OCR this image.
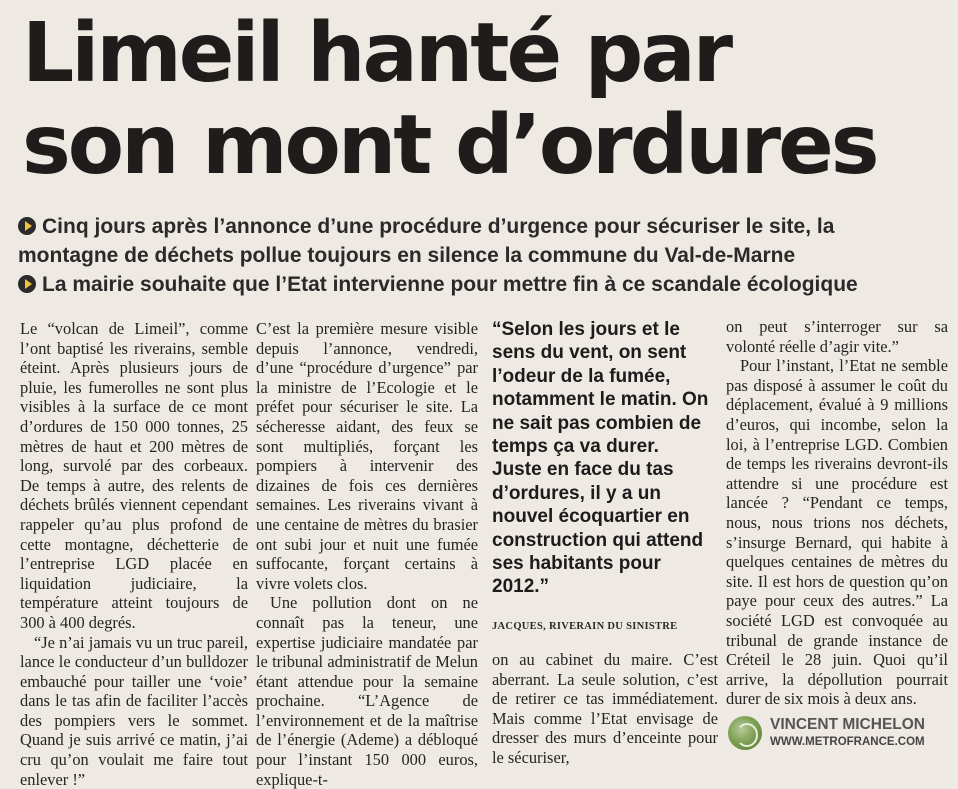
Limeil hanté par
son mont d’ordures
Cinq jours après l’annonce d’une procédure d’urgence pour sécuriser le site, la
montagne de déchets pollue toujours en silence la commune du Val-de-Marne
La mairie souhaite que l’Etat intervienne pour mettre fin à ce scandale écologique

Le “volcan de Limeil”, comme l’ont baptisé les riverains, semble éteint. Après plusieurs jours de pluie, les fumerolles ne sont plus visibles à la surface de ce mont d’ordures de 150 000 tonnes, 25 mètres de haut et 200 mètres de long, survolé par des corbeaux. De temps à autre, des relents de déchets brûlés viennent cependant rappeler qu’au plus profond de cette montagne, déchetterie de l’entreprise LGD placée en liquidation judiciaire, la température atteint toujours de 300 à 400 degrés.

“Je n’ai jamais vu un truc pareil, lance le conducteur d’un bulldozer embauché pour tailler une ‘voie’ dans le tas afin de faciliter l’accès des pompiers vers le sommet. Quand je suis arrivé ce matin, j’ai cru qu’on voulait me faire tout enlever !”

C’est la première mesure visible depuis l’annonce, vendredi, d’une “procédure d’urgence” par la ministre de l’Ecologie et le préfet pour sécuriser le site. La sécheresse aidant, des feux se sont multipliés, forçant les pompiers à intervenir des dizaines de fois ces dernières semaines. Les riverains vivant à une centaine de mètres du brasier ont subi jour et nuit une fumée suffocante, forçant certains à vivre volets clos.

Une pollution dont on ne connaît pas la teneur, une expertise judiciaire mandatée par le tribunal administratif de Melun étant attendue pour la semaine prochaine. “L’Agence de l’environnement et de la maîtrise de l’énergie (Ademe) a débloqué pour l’instant 150 000 euros, explique-t-

“Selon les jours et le sens du vent, on sent l’odeur de la fumée, notamment le matin. On ne sait pas combien de temps ça va durer. Juste en face du tas d’ordures, il y a un nouvel écoquartier en construction qui attend ses habitants pour 2012.”
JACQUES, RIVERAIN DU SINISTRE

on au cabinet du maire. C’est aberrant. La seule solution, c’est de retirer ce tas immédiatement. Mais comme l’Etat envisage de dresser des murs d’enceinte pour le sécuriser,

on peut s’interroger sur sa volonté réelle d’agir vite.”

Pour l’instant, l’Etat ne semble pas disposé à assumer le coût du déplacement, évalué à 9 millions d’euros, qui incombe, selon la loi, à l’entreprise LGD. Combien de temps les riverains devront-ils attendre si une procédure est lancée ? “Pendant ce temps, nous, nous trions nos déchets, s’insurge Bernard, qui habite à quelques centaines de mètres du site. Il est hors de question qu’on paye pour ceux des autres.” La société LGD est convoquée au tribunal de grande instance de Créteil le 28 juin. Quoi qu’il arrive, la dépollution pourrait durer de six mois à deux ans.

VINCENT MICHELON
WWW.METROFRANCE.COM
